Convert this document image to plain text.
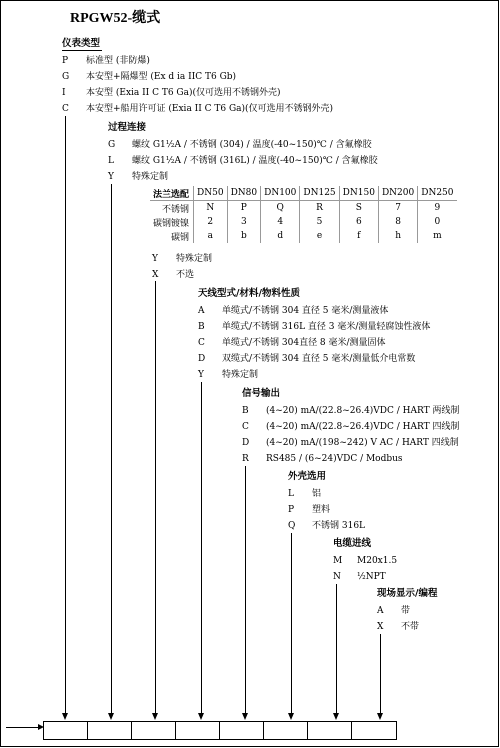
RPGW52-缆式
仪表类型
P 标准型 (非防爆)
G 本安型+隔爆型 (Ex d ia IIC T6 Gb)
I 本安型 (Exia II C T6 Ga)(仅可选用不锈钢外壳)
C 本安型+船用许可证 (Exia II C T6 Ga)(仅可选用不锈钢外壳)
过程连接
G 螺纹 G1½A / 不锈钢 (304) / 温度(-40~150)℃ / 含氟橡胶
L 螺纹 G1½A / 不锈钢 (316L) / 温度(-40~150)℃ / 含氟橡胶
Y 特殊定制
法兰选配	DN50	DN80	DN100	DN125	DN150	DN200	DN250
不锈钢	N	P	Q	R	S	7	9
碳钢镀镍	2	3	4	5	6	8	0
碳钢	a	b	d	e	f	h	m
Y 特殊定制
X 不选
天线型式/材料/物料性质
A 单缆式/不锈钢 304 直径 5 毫米/测量液体
B 单缆式/不锈钢 316L 直径 3 毫米/测量轻腐蚀性液体
C 单缆式/不锈钢 304直径 8 毫米/测量固体
D 双缆式/不锈钢 304 直径 5 毫米/测量低介电常数
Y 特殊定制
信号输出
B (4~20) mA/(22.8~26.4)VDC / HART 两线制
C (4~20) mA/(22.8~26.4)VDC / HART 四线制
D (4~20) mA/(198~242) V AC / HART 四线制
R RS485 / (6~24)VDC / Modbus
外壳选用
L 铝
P 塑料
Q 不锈钢 316L
电缆进线
M M20x1.5
N ½NPT
现场显示/编程
A 带
X 不带
